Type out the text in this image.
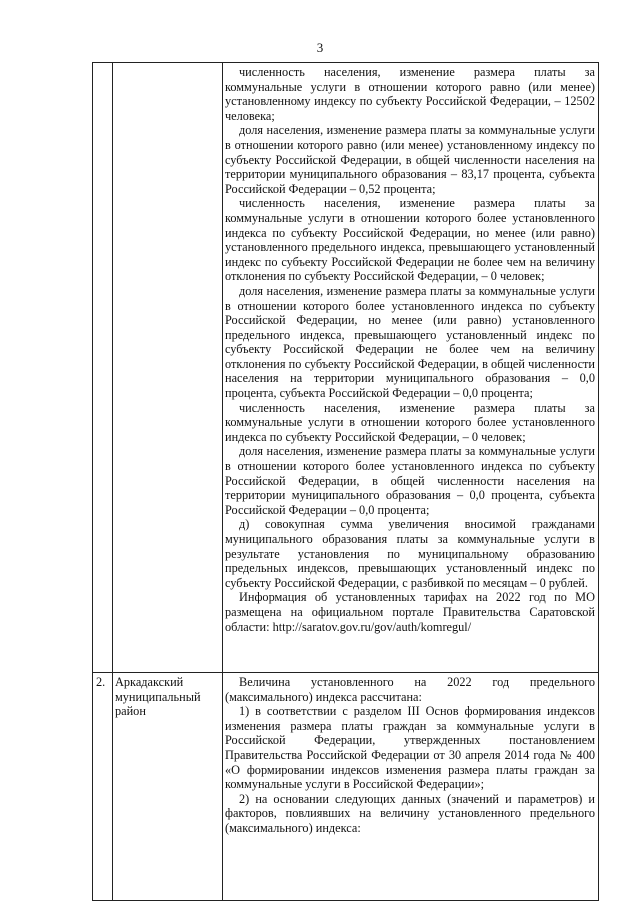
3

численность населения, изменение размера платы за коммунальные услуги в отношении которого равно (или менее) установленному индексу по субъекту Российской Федерации, – 12502 человека;

доля населения, изменение размера платы за коммунальные услуги в отношении которого равно (или менее) установленному индексу по субъекту Российской Федерации, в общей численности населения на территории муниципального образования – 83,17 процента, субъекта Российской Федерации – 0,52 процента;

численность населения, изменение размера платы за коммунальные услуги в отношении которого более установленного индекса по субъекту Российской Федерации, но менее (или равно) установленного предельного индекса, превышающего установленный индекс по субъекту Российской Федерации не более чем на величину отклонения по субъекту Российской Федерации, – 0 человек;

доля населения, изменение размера платы за коммунальные услуги в отношении которого более установленного индекса по субъекту Российской Федерации, но менее (или равно) установленного предельного индекса, превышающего установленный индекс по субъекту Российской Федерации не более чем на величину отклонения по субъекту Российской Федерации, в общей численности населения на территории муниципального образования – 0,0 процента, субъекта Российской Федерации – 0,0 процента;

численность населения, изменение размера платы за коммунальные услуги в отношении которого более установленного индекса по субъекту Российской Федерации, – 0 человек;

доля населения, изменение размера платы за коммунальные услуги в отношении которого более установленного индекса по субъекту Российской Федерации, в общей численности населения на территории муниципального образования – 0,0 процента, субъекта Российской Федерации – 0,0 процента;

д) совокупная сумма увеличения вносимой гражданами муниципального образования платы за коммунальные услуги в результате установления по муниципальному образованию предельных индексов, превышающих установленный индекс по субъекту Российской Федерации, с разбивкой по месяцам – 0 рублей.

Информация об установленных тарифах на 2022 год по МО размещена на официальном портале Правительства Саратовской области: http://saratov.gov.ru/gov/auth/komregul/

2. Аркадакский
муниципальный
район

Величина установленного на 2022 год предельного (максимального) индекса рассчитана:

1) в соответствии с разделом III Основ формирования индексов изменения размера платы граждан за коммунальные услуги в Российской Федерации, утвержденных постановлением Правительства Российской Федерации от 30 апреля 2014 года № 400 «О формировании индексов изменения размера платы граждан за коммунальные услуги в Российской Федерации»;

2) на основании следующих данных (значений и параметров) и факторов, повлиявших на величину установленного предельного (максимального) индекса:
